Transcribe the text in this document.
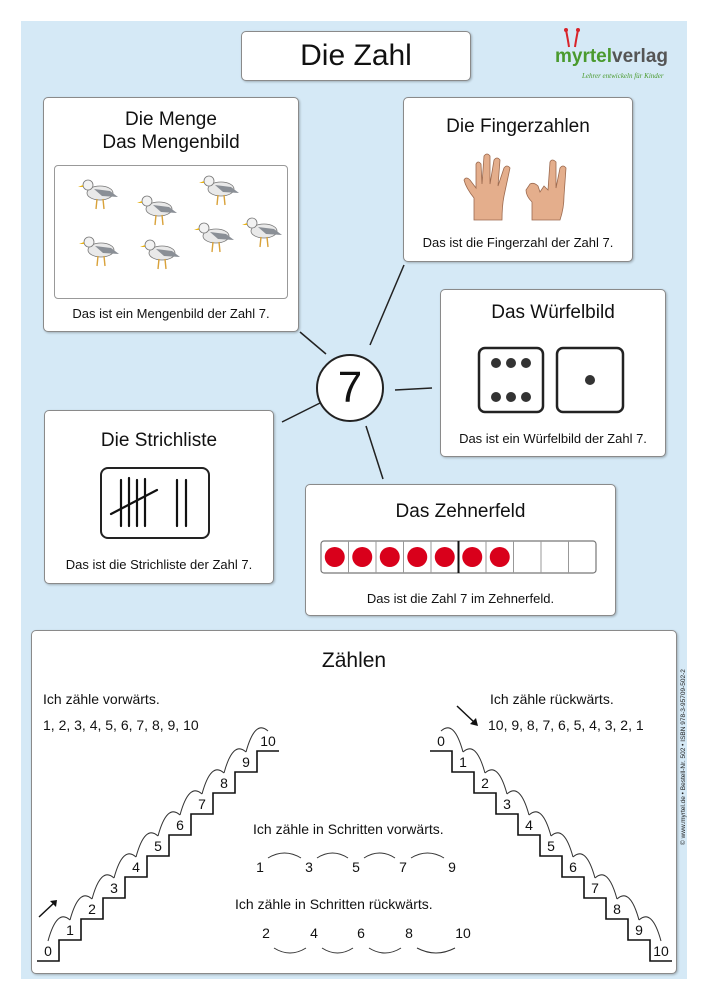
Die Zahl	myrtelverlag
Lehrer entwickeln für Kinder
7
Die Menge
Das Mengenbild
Das ist ein Mengenbild der Zahl 7.
Die Fingerzahlen
Das ist die Fingerzahl der Zahl 7.
Das Würfelbild
Das ist ein Würfelbild der Zahl 7.
Die Strichliste
Das ist die Strichliste der Zahl 7.
Das Zehnerfeld
Das ist die Zahl 7 im Zehnerfeld.
Zählen
Ich zähle vorwärts.
1, 2, 3, 4, 5, 6, 7, 8, 9, 10
Ich zähle rückwärts.
10, 9, 8, 7, 6, 5, 4, 3, 2, 1
Ich zähle in Schritten vorwärts.
Ich zähle in Schritten rückwärts.
0
1
2
3
4
5
6
7
8
9
10
10
9
8
7
6
5
4
3
2
1
0
1	3	5	7	9
2	4	6	8	10
© www.myrtel.de • Bestell-Nr. 502 • ISBN 978-3-95709-502-2
